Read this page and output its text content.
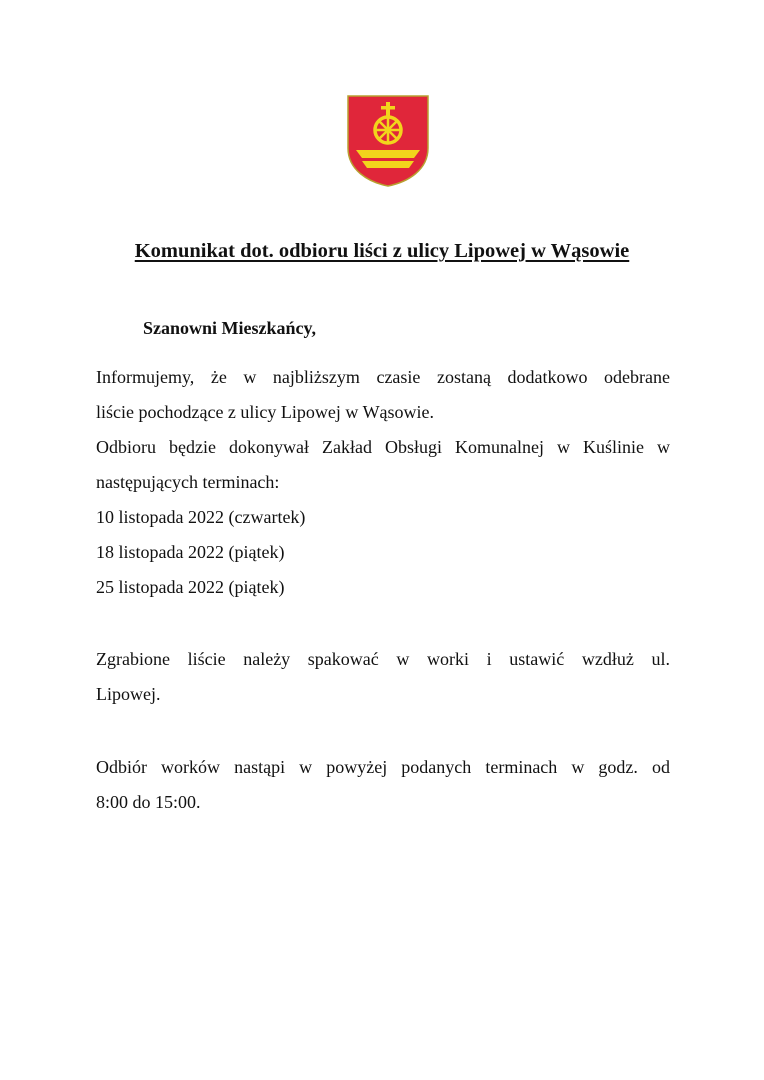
Komunikat dot. odbioru liści z ulicy Lipowej w Wąsowie

Szanowni Mieszkańcy,

Informujemy, że w najbliższym czasie zostaną dodatkowo odebrane
liście pochodzące z ulicy Lipowej w Wąsowie.
Odbioru będzie dokonywał Zakład Obsługi Komunalnej w Kuślinie w
następujących terminach:
10 listopada 2022 (czwartek)
18 listopada 2022 (piątek)
25 listopada 2022 (piątek)

Zgrabione liście należy spakować w worki i ustawić wzdłuż ul.
Lipowej.

Odbiór worków nastąpi w powyżej podanych terminach w godz. od
8:00 do 15:00.
